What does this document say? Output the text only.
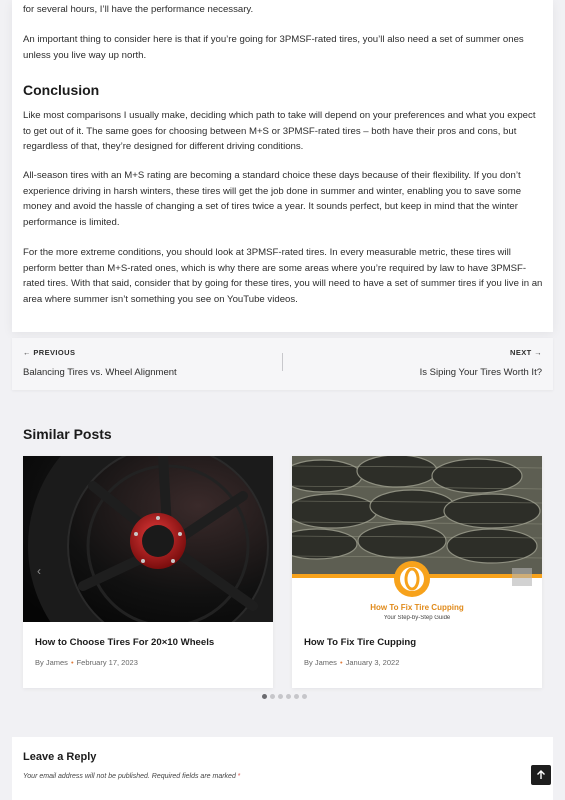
for several hours, I’ll have the performance necessary.

An important thing to consider here is that if you’re going for 3PMSF-rated tires, you’ll also need a set of summer ones unless you live way up north.

Conclusion

Like most comparisons I usually make, deciding which path to take will depend on your preferences and what you expect to get out of it. The same goes for choosing between M+S or 3PMSF-rated tires – both have their pros and cons, but regardless of that, they’re designed for different driving conditions.

All-season tires with an M+S rating are becoming a standard choice these days because of their flexibility. If you don’t experience driving in harsh winters, these tires will get the job done in summer and winter, enabling you to save some money and avoid the hassle of changing a set of tires twice a year. It sounds perfect, but keep in mind that the winter performance is limited.

For the more extreme conditions, you should look at 3PMSF-rated tires. In every measurable metric, these tires will perform better than M+S-rated ones, which is why there are some areas where you’re required by law to have 3PMSF-rated tires. With that said, consider that by going for these tires, you will need to have a set of summer tires if you live in an area where summer isn’t something you see on YouTube videos.

← PREVIOUS
Balancing Tires vs. Wheel Alignment
NEXT →
Is Siping Your Tires Worth It?
Similar Posts
‹
How to Choose Tires For 20×10 Wheels
By James • February 17, 2023
How To Fix Tire Cupping
Your Step-by-Step Guide
How To Fix Tire Cupping
By James • January 3, 2022
Leave a Reply

Your email address will not be published. Required fields are marked *
